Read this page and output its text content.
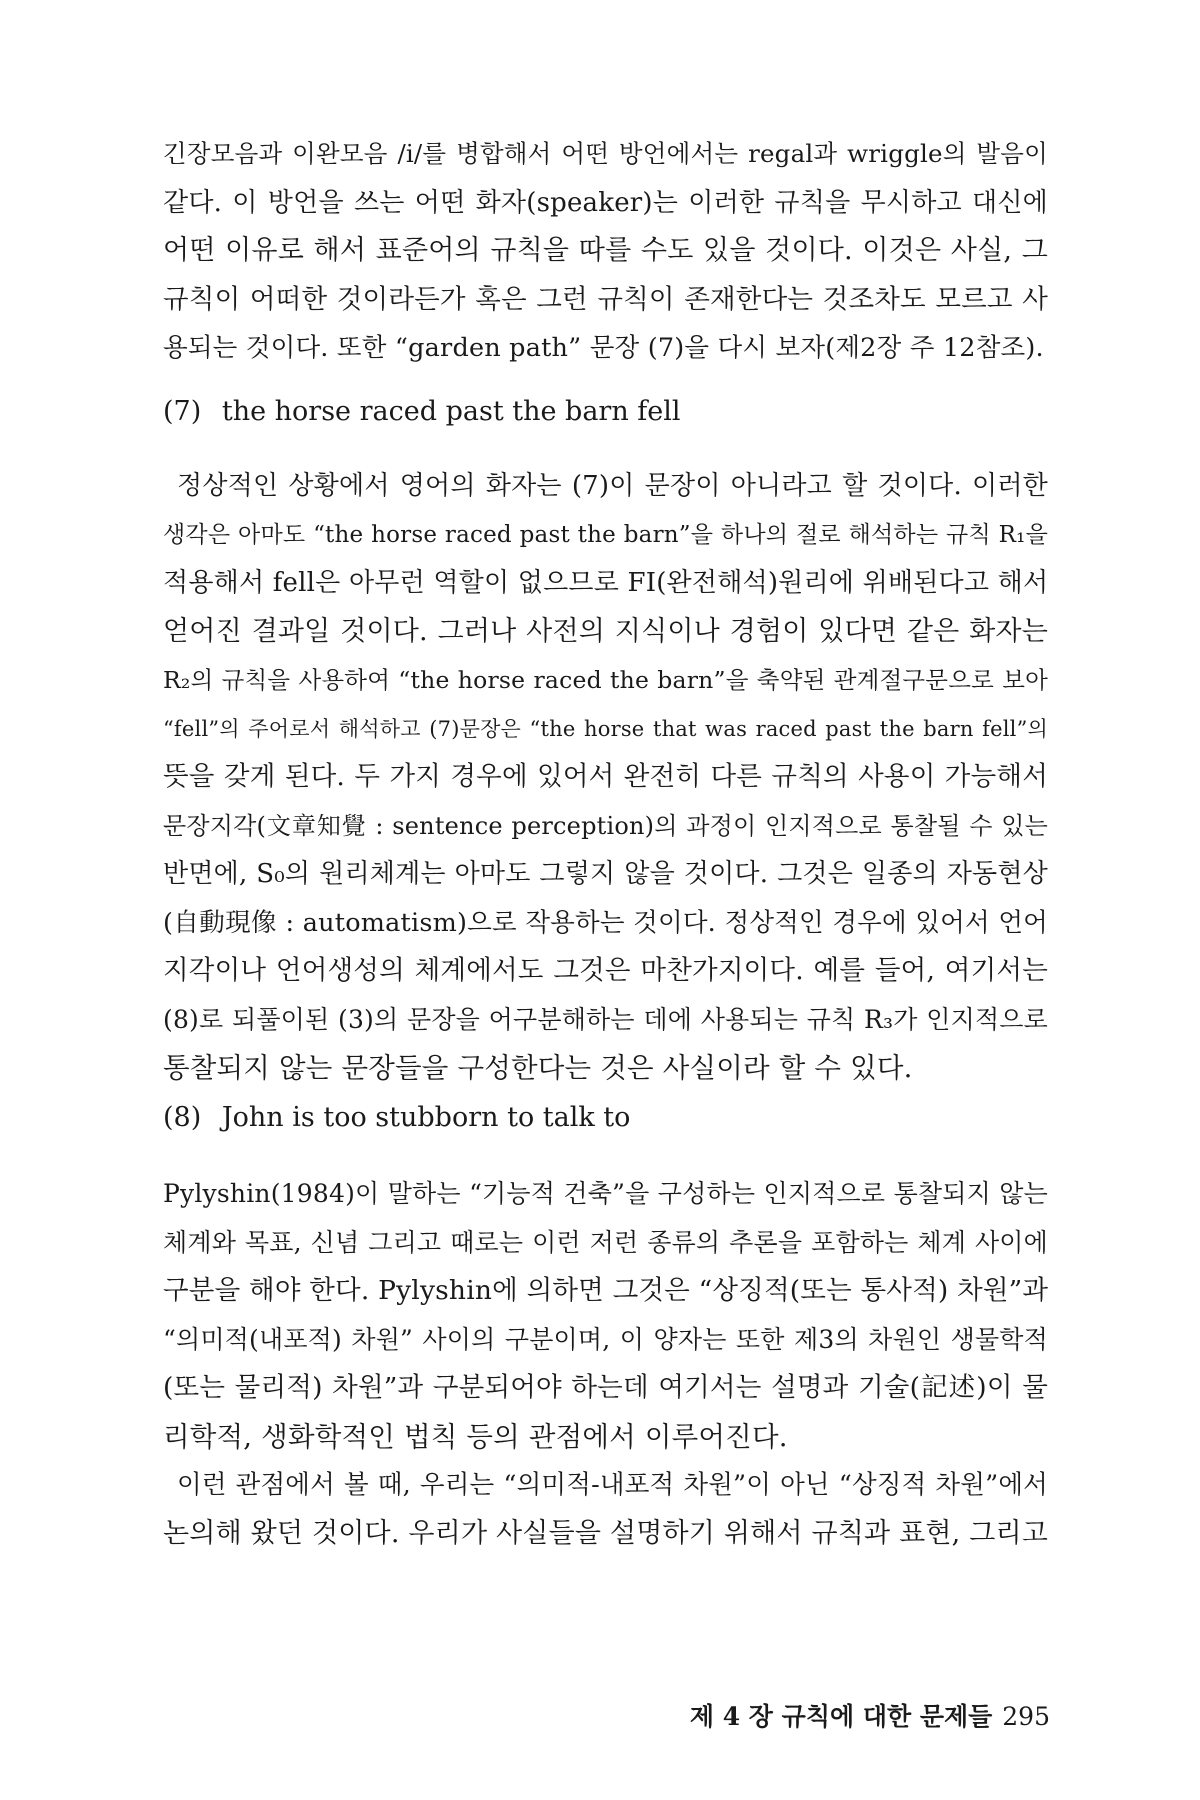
긴장모음과 이완모음 /i/를 병합해서 어떤 방언에서는 regal과 wriggle의 발음이
같다. 이 방언을 쓰는 어떤 화자(speaker)는 이러한 규칙을 무시하고 대신에
어떤 이유로 해서 표준어의 규칙을 따를 수도 있을 것이다. 이것은 사실, 그
규칙이 어떠한 것이라든가 혹은 그런 규칙이 존재한다는 것조차도 모르고 사
용되는 것이다. 또한 “garden path” 문장 (7)을 다시 보자(제2장 주 12참조).
(7) the horse raced past the barn fell
정상적인 상황에서 영어의 화자는 (7)이 문장이 아니라고 할 것이다. 이러한
생각은 아마도 “the horse raced past the barn”을 하나의 절로 해석하는 규칙 R₁을
적용해서 fell은 아무런 역할이 없으므로 FI(완전해석)원리에 위배된다고 해서
얻어진 결과일 것이다. 그러나 사전의 지식이나 경험이 있다면 같은 화자는
R₂의 규칙을 사용하여 “the horse raced the barn”을 축약된 관계절구문으로 보아
“fell”의 주어로서 해석하고 (7)문장은 “the horse that was raced past the barn fell”의
뜻을 갖게 된다. 두 가지 경우에 있어서 완전히 다른 규칙의 사용이 가능해서
문장지각(文章知覺 : sentence perception)의 과정이 인지적으로 통찰될 수 있는
반면에, S₀의 원리체계는 아마도 그렇지 않을 것이다. 그것은 일종의 자동현상
(自動現像 : automatism)으로 작용하는 것이다. 정상적인 경우에 있어서 언어
지각이나 언어생성의 체계에서도 그것은 마찬가지이다. 예를 들어, 여기서는
(8)로 되풀이된 (3)의 문장을 어구분해하는 데에 사용되는 규칙 R₃가 인지적으로
통찰되지 않는 문장들을 구성한다는 것은 사실이라 할 수 있다.
(8) John is too stubborn to talk to
Pylyshin(1984)이 말하는 “기능적 건축”을 구성하는 인지적으로 통찰되지 않는
체계와 목표, 신념 그리고 때로는 이런 저런 종류의 추론을 포함하는 체계 사이에
구분을 해야 한다. Pylyshin에 의하면 그것은 “상징적(또는 통사적) 차원”과
“의미적(내포적) 차원” 사이의 구분이며, 이 양자는 또한 제3의 차원인 생물학적
(또는 물리적) 차원”과 구분되어야 하는데 여기서는 설명과 기술(記述)이 물
리학적, 생화학적인 법칙 등의 관점에서 이루어진다.
이런 관점에서 볼 때, 우리는 “의미적-내포적 차원”이 아닌 “상징적 차원”에서
논의해 왔던 것이다. 우리가 사실들을 설명하기 위해서 규칙과 표현, 그리고
제 4 장 규칙에 대한 문제들 295
